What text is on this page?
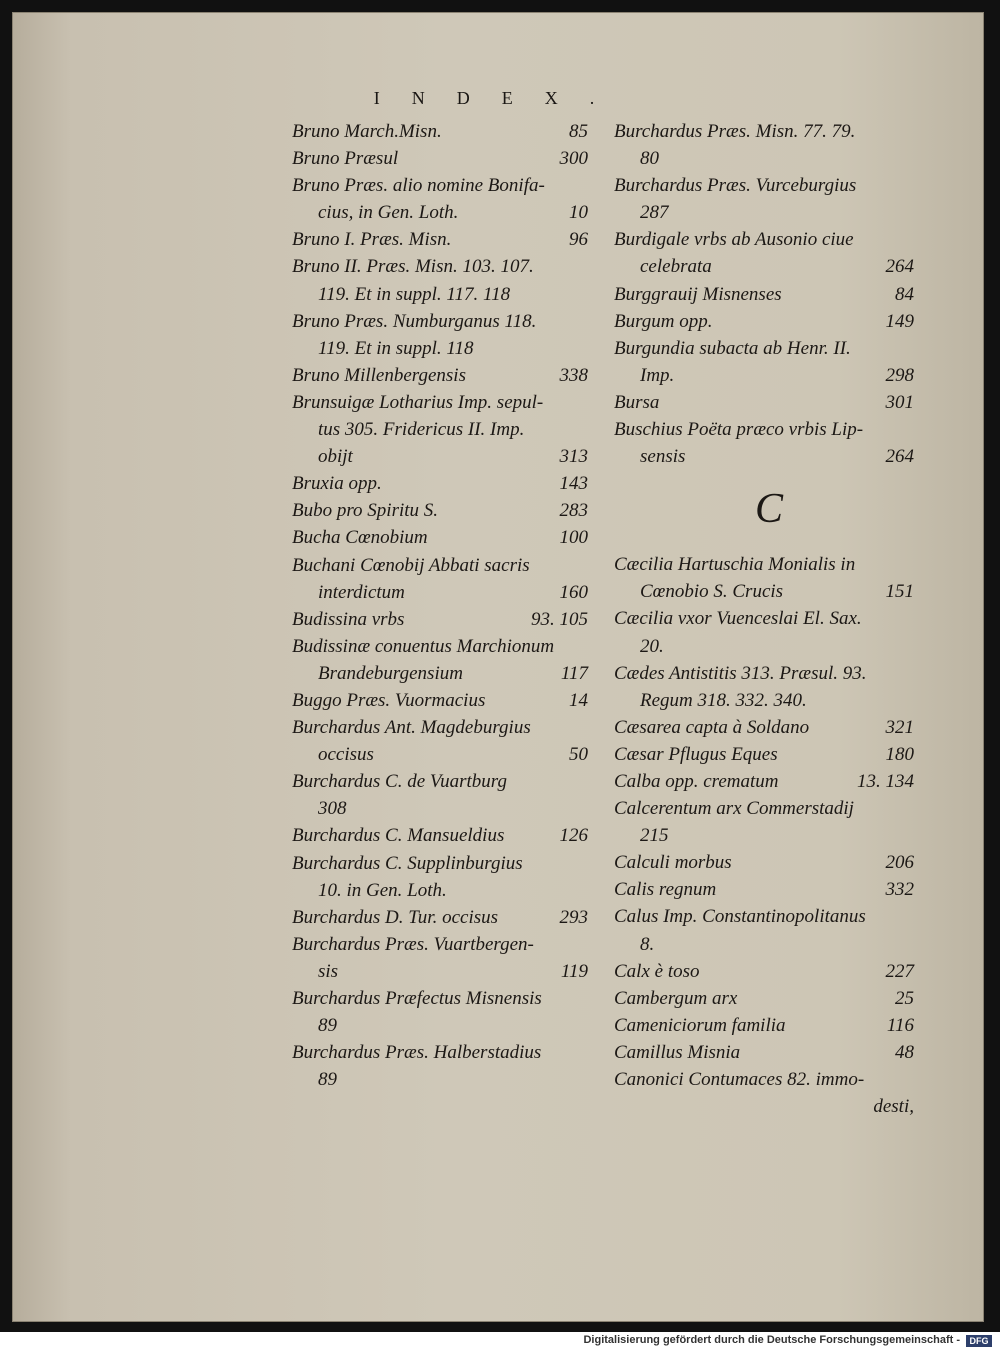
INDEX.
Bruno March.Misn.	85
Bruno Præsul	300
Bruno Præs. alio nomine Bonifa-
cius, in Gen. Loth.	10
Bruno I. Præs. Misn.	96
Bruno II. Præs. Misn. 103. 107.
119. Et in suppl. 117. 118
Bruno Præs. Numburganus 118.
119. Et in suppl. 118
Bruno Millenbergensis	338
Brunsuigæ Lotharius Imp. sepul-
tus 305. Fridericus II. Imp.
obijt	313
Bruxia opp.	143
Bubo pro Spiritu S.	283
Bucha Cœnobium	100
Buchani Cœnobij Abbati sacris
interdictum	160
Budissina vrbs	93. 105
Budissinæ conuentus Marchionum
Brandeburgensium	117
Buggo Præs. Vuormacius	14
Burchardus Ant. Magdeburgius
occisus	50
Burchardus C. de Vuartburg
308
Burchardus C. Mansueldius	126
Burchardus C. Supplinburgius
10. in Gen. Loth.
Burchardus D. Tur. occisus	293
Burchardus Præs. Vuartbergen-
sis	119
Burchardus Præfectus Misnensis
89
Burchardus Præs. Halberstadius
89
Burchardus Præs. Misn. 77. 79.
80
Burchardus Præs. Vurceburgius
287
Burdigale vrbs ab Ausonio ciue
celebrata	264
Burggrauij Misnenses	84
Burgum opp.	149
Burgundia subacta ab Henr. II.
Imp.	298
Bursa	301
Buschius Poëta præco vrbis Lip-
sensis	264
C
Cæcilia Hartuschia Monialis in
Cœnobio S. Crucis	151
Cæcilia vxor Vuenceslai El. Sax.
20.
Cædes Antistitis 313. Præsul. 93.
Regum 318. 332. 340.
Cæsarea capta à Soldano	321
Cæsar Pflugus Eques	180
Calba opp. crematum	13. 134
Calcerentum arx Commerstadij
215
Calculi morbus	206
Calis regnum	332
Calus Imp. Constantinopolitanus
8.
Calx è toso	227
Cambergum arx	25
Cameniciorum familia	116
Camillus Misnia	48
Canonici Contumaces 82. immo-
desti,
Digitalisierung gefördert durch die Deutsche Forschungsgemeinschaft -	DFG
